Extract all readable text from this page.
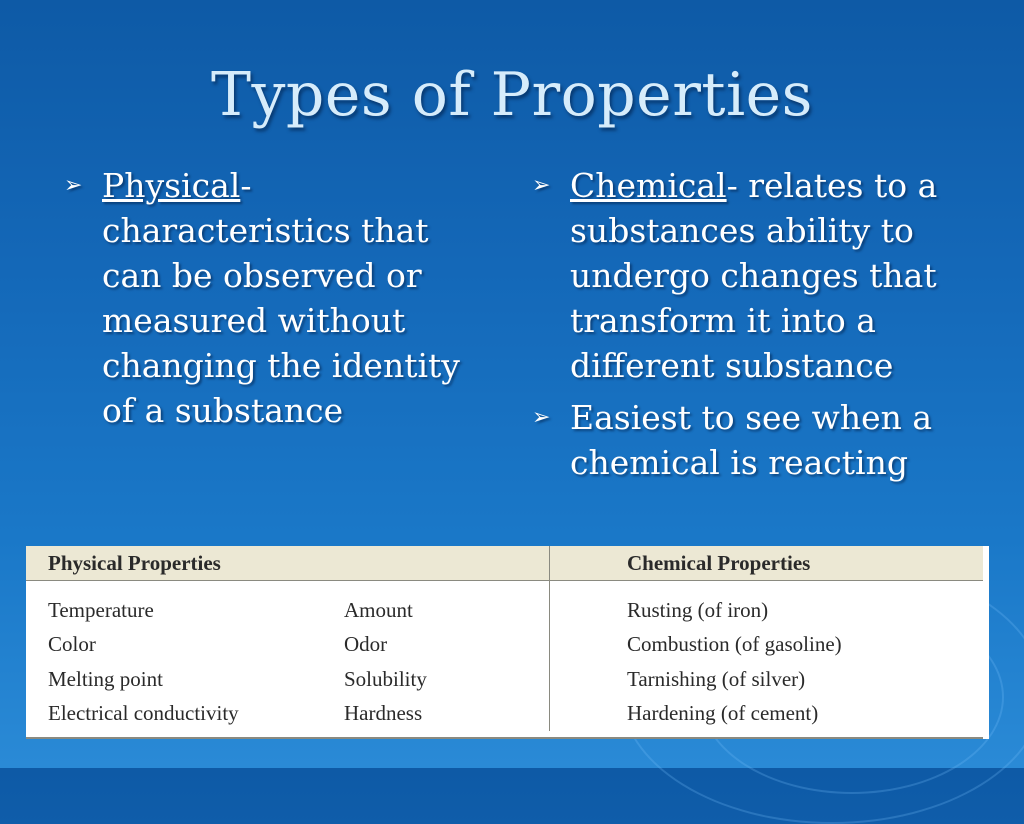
Types of Properties
➢ Physical- characteristics that can be observed or measured without changing the identity of a substance
➢ Chemical- relates to a substances ability to undergo changes that transform it into a different substance
➢ Easiest to see when a chemical is reacting
Physical Properties		Chemical Properties
Temperature	Amount	Rusting (of iron)
Color	Odor	Combustion (of gasoline)
Melting point	Solubility	Tarnishing (of silver)
Electrical conductivity	Hardness	Hardening (of cement)
